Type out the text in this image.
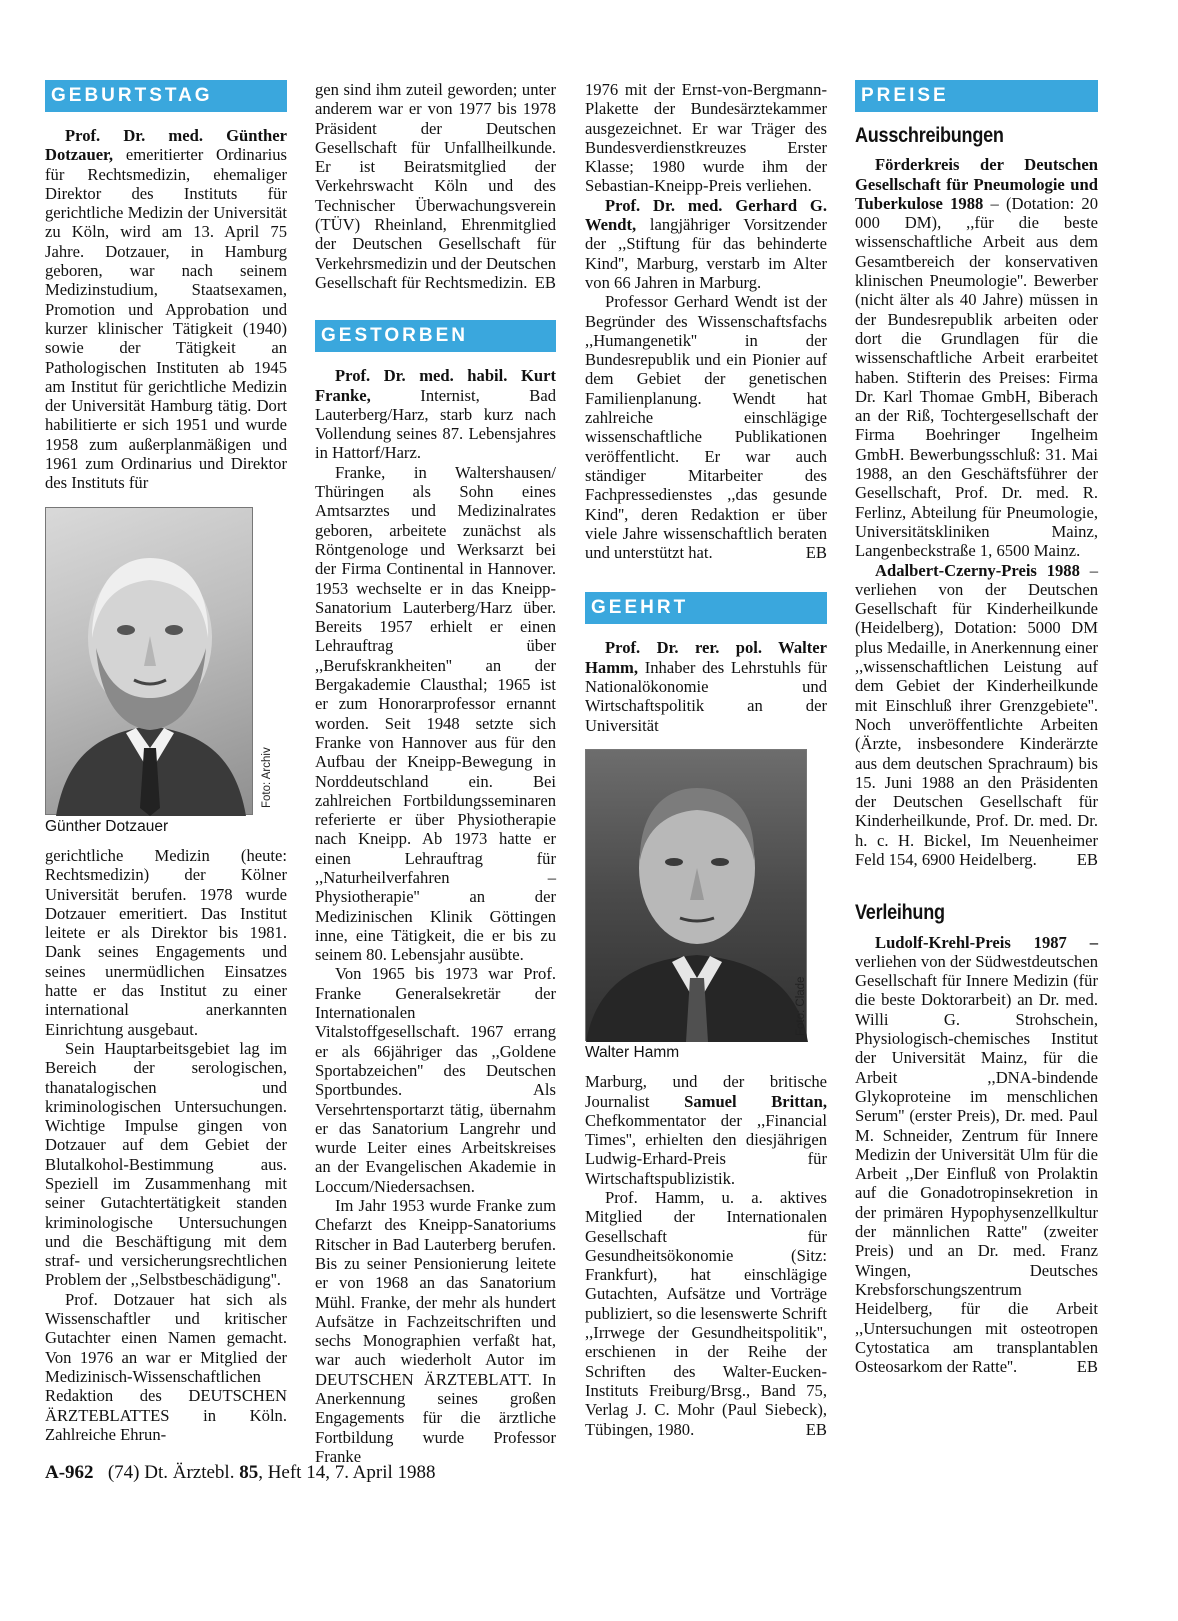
GEBURTSTAG

Prof. Dr. med. Günther Dotzauer, emeritierter Ordinarius für Rechtsmedizin, ehemaliger Direktor des Instituts für gerichtliche Medizin der Universität zu Köln, wird am 13. April 75 Jahre. Dotzauer, in Hamburg geboren, war nach seinem Medizinstudium, Staatsexamen, Promotion und Approbation und kurzer klinischer Tätigkeit (1940) sowie der Tätigkeit an Pathologischen Instituten ab 1945 am Institut für gerichtliche Medizin der Universität Hamburg tätig. Dort habilitierte er sich 1951 und wurde 1958 zum außerplanmäßigen und 1961 zum Ordinarius und Direktor des Instituts für

Foto: Archiv
Günther Dotzauer

gerichtliche Medizin (heute: Rechtsmedizin) der Kölner Universität berufen. 1978 wurde Dotzauer emeritiert. Das Institut leitete er als Direktor bis 1981. Dank seines Engagements und seines unermüdlichen Einsatzes hatte er das Institut zu einer international anerkannten Einrichtung ausgebaut.

Sein Hauptarbeitsgebiet lag im Bereich der serologischen, thanatalogischen und kriminologischen Untersuchungen. Wichtige Impulse gingen von Dotzauer auf dem Gebiet der Blutalkohol-Bestimmung aus. Speziell im Zusammenhang mit seiner Gutachtertätigkeit standen kriminologische Untersuchungen und die Beschäftigung mit dem straf- und versicherungsrechtlichen Problem der ,,Selbstbeschädigung''.

Prof. Dotzauer hat sich als Wissenschaftler und kritischer Gutachter einen Namen gemacht. Von 1976 an war er Mitglied der Medizinisch-Wissenschaftlichen Redaktion des DEUTSCHEN ÄRZTEBLATTES in Köln. Zahlreiche Ehrun-

gen sind ihm zuteil geworden; unter anderem war er von 1977 bis 1978 Präsident der Deutschen Gesellschaft für Unfallheilkunde. Er ist Beiratsmitglied der Verkehrswacht Köln und des Technischer Überwachungsverein (TÜV) Rheinland, Ehrenmitglied der Deutschen Gesellschaft für Verkehrsmedizin und der Deutschen Gesellschaft für Rechtsmedizin. EB

GESTORBEN

Prof. Dr. med. habil. Kurt Franke,	Internist, Bad Lauterberg/Harz, starb kurz nach Vollendung seines 87. Lebensjahres in Hattorf/Harz.

Franke, in Waltershausen/ Thüringen als Sohn eines Amtsarztes und Medizinalrates geboren, arbeitete zunächst als Röntgenologe und Werksarzt bei der Firma Continental in Hannover. 1953 wechselte er in das Kneipp-Sanatorium Lauterberg/Harz über. Bereits 1957 erhielt er einen Lehrauftrag über ,,Berufskrankheiten'' an der Bergakademie Clausthal; 1965 ist er zum Honorarprofessor ernannt worden. Seit 1948 setzte sich Franke von Hannover aus für den Aufbau der Kneipp-Bewegung in Norddeutschland ein. Bei zahlreichen Fortbildungsseminaren referierte er über Physiotherapie nach Kneipp. Ab 1973 hatte er einen Lehrauftrag für ,,Naturheilverfahren – Physiotherapie'' an der Medizinischen Klinik Göttingen inne, eine Tätigkeit, die er bis zu seinem 80. Lebensjahr ausübte.

Von 1965 bis 1973 war Prof. Franke Generalsekretär der Internationalen Vitalstoffgesellschaft. 1967 errang er als 66jähriger das ,,Goldene Sportabzeichen'' des Deutschen Sportbundes. Als Versehrtensportarzt tätig, übernahm er das Sanatorium Langrehr und wurde Leiter eines Arbeitskreises an der Evangelischen Akademie in Loccum/Niedersachsen.

Im Jahr 1953 wurde Franke zum Chefarzt des Kneipp-Sanatoriums Ritscher in Bad Lauterberg berufen. Bis zu seiner Pensionierung leitete er von 1968 an das Sanatorium Mühl. Franke, der mehr als hundert Aufsätze in Fachzeitschriften und sechs Monographien verfaßt hat, war auch wiederholt Autor im DEUTSCHEN ÄRZTEBLATT. In Anerkennung seines großen Engagements für die ärztliche Fortbildung wurde Professor Franke

1976 mit der Ernst-von-Bergmann-Plakette der Bundesärztekammer ausgezeichnet. Er war Träger des Bundesverdienstkreuzes Erster Klasse; 1980 wurde ihm der Sebastian-Kneipp-Preis verliehen.

Prof. Dr. med. Gerhard G. Wendt, langjähriger Vorsitzender der ,,Stiftung für das behinderte Kind'', Marburg, verstarb im Alter von 66 Jahren in Marburg.

Professor Gerhard Wendt ist der Begründer des Wissenschaftsfachs ,,Humangenetik'' in der Bundesrepublik und ein Pionier auf dem Gebiet der genetischen Familienplanung. Wendt hat zahlreiche einschlägige wissenschaftliche Publikationen veröffentlicht. Er war auch ständiger Mitarbeiter des Fachpressedienstes ,,das gesunde Kind'', deren Redaktion er über viele Jahre wissenschaftlich beraten und unterstützt hat.	EB

GEEHRT

Prof. Dr. rer. pol. Walter Hamm, Inhaber des Lehrstuhls für Nationalökonomie und Wirtschaftspolitik an der Universität

Foto: Clade
Walter Hamm

Marburg, und der britische Journalist Samuel Brittan, Chefkommentator der ,,Financial Times'', erhielten den diesjährigen Ludwig-Erhard-Preis für Wirtschaftspublizistik.

Prof. Hamm, u. a. aktives Mitglied der Internationalen Gesellschaft für Gesundheitsökonomie (Sitz: Frankfurt), hat einschlägige Gutachten, Aufsätze und Vorträge publiziert, so die lesenswerte Schrift ,,Irrwege der Gesundheitspolitik'', erschienen in der Reihe der Schriften des Walter-Eucken-Instituts Freiburg/Brsg., Band 75, Verlag J. C. Mohr (Paul Siebeck), Tübingen, 1980.	EB

PREISE
Ausschreibungen

Förderkreis der Deutschen Gesellschaft für Pneumologie und Tuberkulose 1988 – (Dotation: 20 000 DM), ,,für die beste wissenschaftliche Arbeit aus dem Gesamtbereich der konservativen klinischen Pneumologie''. Bewerber (nicht älter als 40 Jahre) müssen in der Bundesrepublik arbeiten oder dort die Grundlagen für die wissenschaftliche Arbeit erarbeitet haben. Stifterin des Preises: Firma Dr. Karl Thomae GmbH, Biberach an der Riß, Tochtergesellschaft der Firma Boehringer Ingelheim GmbH. Bewerbungsschluß: 31. Mai 1988, an den Geschäftsführer der Gesellschaft, Prof. Dr. med. R. Ferlinz, Abteilung für Pneumologie, Universitätskliniken Mainz, Langenbeckstraße 1, 6500 Mainz.

Adalbert-Czerny-Preis 1988 – verliehen von der Deutschen Gesellschaft für Kinderheilkunde (Heidelberg), Dotation: 5000 DM plus Medaille, in Anerkennung einer ,,wissenschaftlichen Leistung auf dem Gebiet der Kinderheilkunde mit Einschluß ihrer Grenzgebiete''. Noch unveröffentlichte Arbeiten (Ärzte, insbesondere Kinderärzte aus dem deutschen Sprachraum) bis 15. Juni 1988 an den Präsidenten der Deutschen Gesellschaft für Kinderheilkunde, Prof. Dr. med. Dr. h. c. H. Bickel, Im Neuenheimer Feld 154, 6900 Heidelberg.	EB

Verleihung

Ludolf-Krehl-Preis 1987 – verliehen von der Südwestdeutschen Gesellschaft für Innere Medizin (für die beste Doktorarbeit) an Dr. med. Willi G. Strohschein, Physiologisch-chemisches Institut der Universität Mainz, für die Arbeit ,,DNA-bindende Glykoproteine im menschlichen Serum'' (erster Preis), Dr. med. Paul M. Schneider, Zentrum für Innere Medizin der Universität Ulm für die Arbeit ,,Der Einfluß von Prolaktin auf die Gonadotropinsekretion in der primären Hypophysenzellkultur der männlichen Ratte'' (zweiter Preis) und an Dr. med. Franz Wingen, Deutsches Krebsforschungszentrum Heidelberg, für die Arbeit ,,Untersuchungen mit osteotropen Cytostatica am transplantablen Osteosarkom der Ratte''.	EB

A-962 (74) Dt. Ärztebl. 85, Heft 14, 7. April 1988
